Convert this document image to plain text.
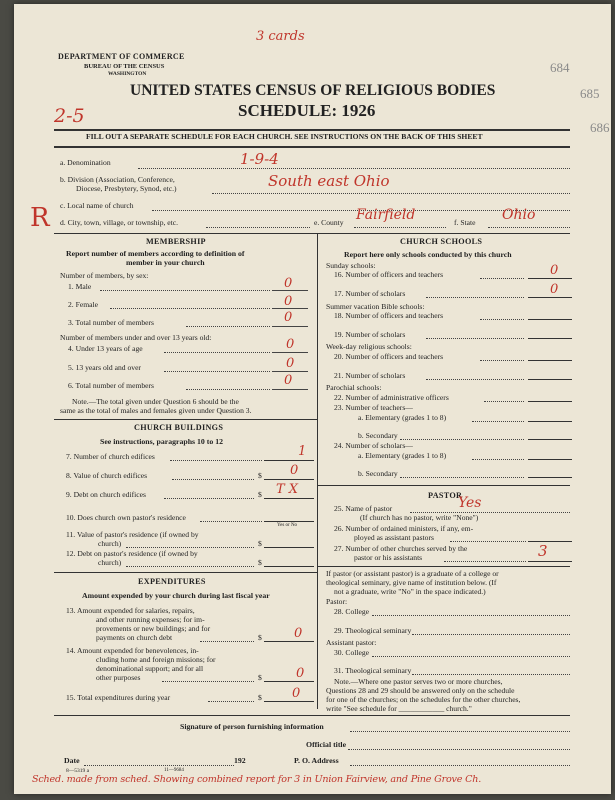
684
685
686
3 cards
DEPARTMENT OF COMMERCE
BUREAU OF THE CENSUS
WASHINGTON
UNITED STATES CENSUS OF RELIGIOUS BODIES
SCHEDULE: 1926
2-5
FILL OUT A SEPARATE SCHEDULE FOR EACH CHURCH. SEE INSTRUCTIONS ON THE BACK OF THIS SHEET
a. Denomination	1-9-4
b. Division (Association, Conference,
Diocese, Presbytery, Synod, etc.)	South east Ohio
c. Local name of church
R d. City, town, village, or township, etc.	e. County Fairfield	f. State Ohio
MEMBERSHIP
Report number of members according to definition of
member in your church
Number of members, by sex:
1. Male	0
2. Female	0
3. Total number of members	0
Number of members under and over 13 years old:
4. Under 13 years of age	0
5. 13 years old and over	0
6. Total number of members	0
Note.—The total given under Question 6 should be the
same as the total of males and females given under Question 3.
CHURCH BUILDINGS
See instructions, paragraphs 10 to 12
7. Number of church edifices	1
8. Value of church edifices	$ 0
9. Debt on church edifices	$ T X
10. Does church own pastor's residence
Yes or No
11. Value of pastor's residence (if owned by
church)	$
12. Debt on pastor's residence (if owned by
church)	$
EXPENDITURES
Amount expended by your church during last fiscal year
13. Amount expended for salaries, repairs,
and other running expenses; for im-
provements or new buildings; and for
payments on church debt	$ 0
14. Amount expended for benevolences, in-
cluding home and foreign missions; for
denominational support; and for all
other purposes	$	0
15. Total expenditures during year	$ 0
CHURCH SCHOOLS
Report here only schools conducted by this church
Sunday schools:
16. Number of officers and teachers	0
17. Number of scholars	0
Summer vacation Bible schools:
18. Number of officers and teachers
19. Number of scholars
Week-day religious schools:
20. Number of officers and teachers
21. Number of scholars
Parochial schools:
22. Number of administrative officers
23. Number of teachers—
a. Elementary (grades 1 to 8)
b. Secondary
24. Number of scholars—
a. Elementary (grades 1 to 8)
b. Secondary
PASTOR
25. Name of pastor	Yes
(If church has no pastor, write "None")
26. Number of ordained ministers, if any, em-
ployed as assistant pastors
27. Number of other churches served by the
pastor or his assistants	3
If pastor (or assistant pastor) is a graduate of a college or
theological seminary, give name of institution below. (If
not a graduate, write "No" in the space indicated.)
Pastor:
28. College
29. Theological seminary
Assistant pastor:
30. College
31. Theological seminary
Note.—Where one pastor serves two or more churches,
Questions 28 and 29 should be answered only on the schedule
for one of the churches; on the schedules for the other churches,
write "See schedule for ____________ church."
Signature of person furnishing information
Official title
Date	192	P. O. Address
8—5319 a	11—9684
Sched. made from sched. Showing combined report for 3 in Union Fairview, and Pine Grove Ch.
